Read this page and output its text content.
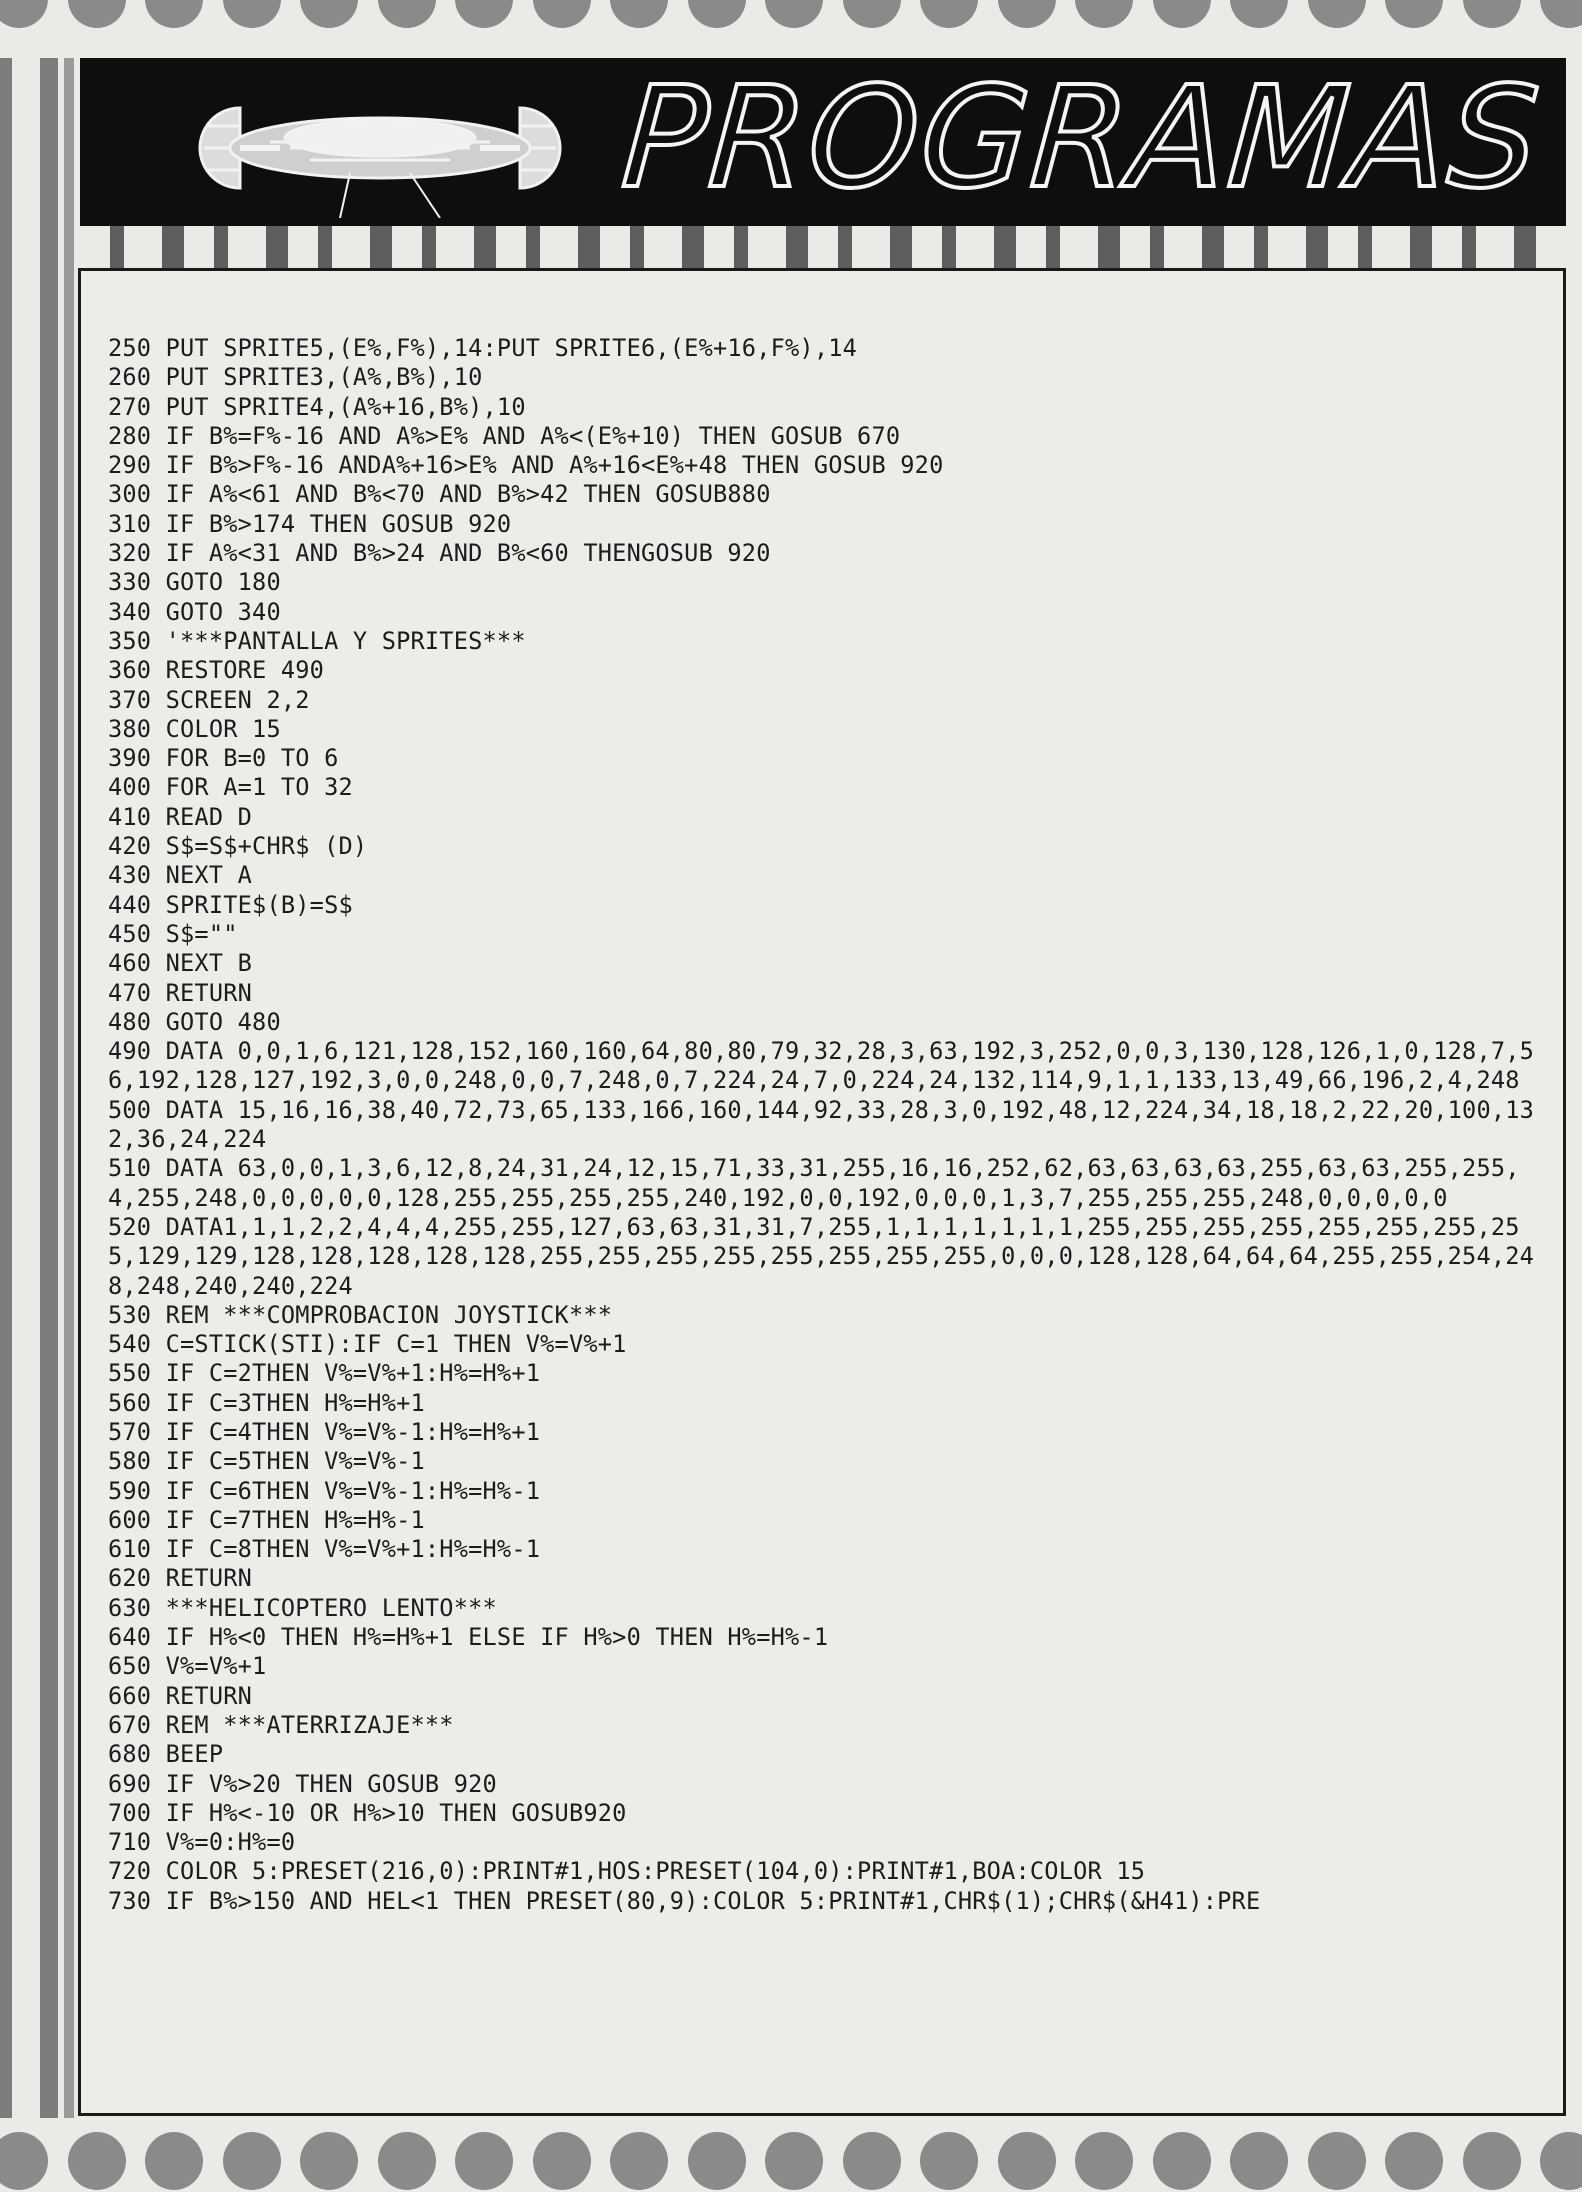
PROGRAMAS
250 PUT SPRITE5,(E%,F%),14:PUT SPRITE6,(E%+16,F%),14
260 PUT SPRITE3,(A%,B%),10
270 PUT SPRITE4,(A%+16,B%),10
280 IF B%=F%-16 AND A%>E% AND A%<(E%+10) THEN GOSUB 670
290 IF B%>F%-16 ANDA%+16>E% AND A%+16<E%+48 THEN GOSUB 920
300 IF A%<61 AND B%<70 AND B%>42 THEN GOSUB880
310 IF B%>174 THEN GOSUB 920
320 IF A%<31 AND B%>24 AND B%<60 THENGOSUB 920
330 GOTO 180
340 GOTO 340
350 '***PANTALLA Y SPRITES***
360 RESTORE 490
370 SCREEN 2,2
380 COLOR 15
390 FOR B=0 TO 6
400 FOR A=1 TO 32
410 READ D
420 S$=S$+CHR$ (D)
430 NEXT A
440 SPRITE$(B)=S$
450 S$=""
460 NEXT B
470 RETURN
480 GOTO 480
490 DATA 0,0,1,6,121,128,152,160,160,64,80,80,79,32,28,3,63,192,3,252,0,0,3,130,128,126,1,0,128,7,56,192,128,127,192,3,0,0,248,0,0,7,248,0,7,224,24,7,0,224,24,132,114,9,1,1,133,13,49,66,196,2,4,248
500 DATA 15,16,16,38,40,72,73,65,133,166,160,144,92,33,28,3,0,192,48,12,224,34,18,18,2,22,20,100,132,36,24,224
510 DATA 63,0,0,1,3,6,12,8,24,31,24,12,15,71,33,31,255,16,16,252,62,63,63,63,63,255,63,63,255,255,4,255,248,0,0,0,0,0,128,255,255,255,255,240,192,0,0,192,0,0,0,1,3,7,255,255,255,248,0,0,0,0,0
520 DATA1,1,1,2,2,4,4,4,255,255,127,63,63,31,31,7,255,1,1,1,1,1,1,1,255,255,255,255,255,255,255,255,129,129,128,128,128,128,128,255,255,255,255,255,255,255,255,0,0,0,128,128,64,64,64,255,255,254,248,248,240,240,224
530 REM ***COMPROBACION JOYSTICK***
540 C=STICK(STI):IF C=1 THEN V%=V%+1
550 IF C=2THEN V%=V%+1:H%=H%+1
560 IF C=3THEN H%=H%+1
570 IF C=4THEN V%=V%-1:H%=H%+1
580 IF C=5THEN V%=V%-1
590 IF C=6THEN V%=V%-1:H%=H%-1
600 IF C=7THEN H%=H%-1
610 IF C=8THEN V%=V%+1:H%=H%-1
620 RETURN
630 ***HELICOPTERO LENTO***
640 IF H%<0 THEN H%=H%+1 ELSE IF H%>0 THEN H%=H%-1
650 V%=V%+1
660 RETURN
670 REM ***ATERRIZAJE***
680 BEEP
690 IF V%>20 THEN GOSUB 920
700 IF H%<-10 OR H%>10 THEN GOSUB920
710 V%=0:H%=0
720 COLOR 5:PRESET(216,0):PRINT#1,HOS:PRESET(104,0):PRINT#1,BOA:COLOR 15
730 IF B%>150 AND HEL<1 THEN PRESET(80,9):COLOR 5:PRINT#1,CHR$(1);CHR$(&H41):PRE
